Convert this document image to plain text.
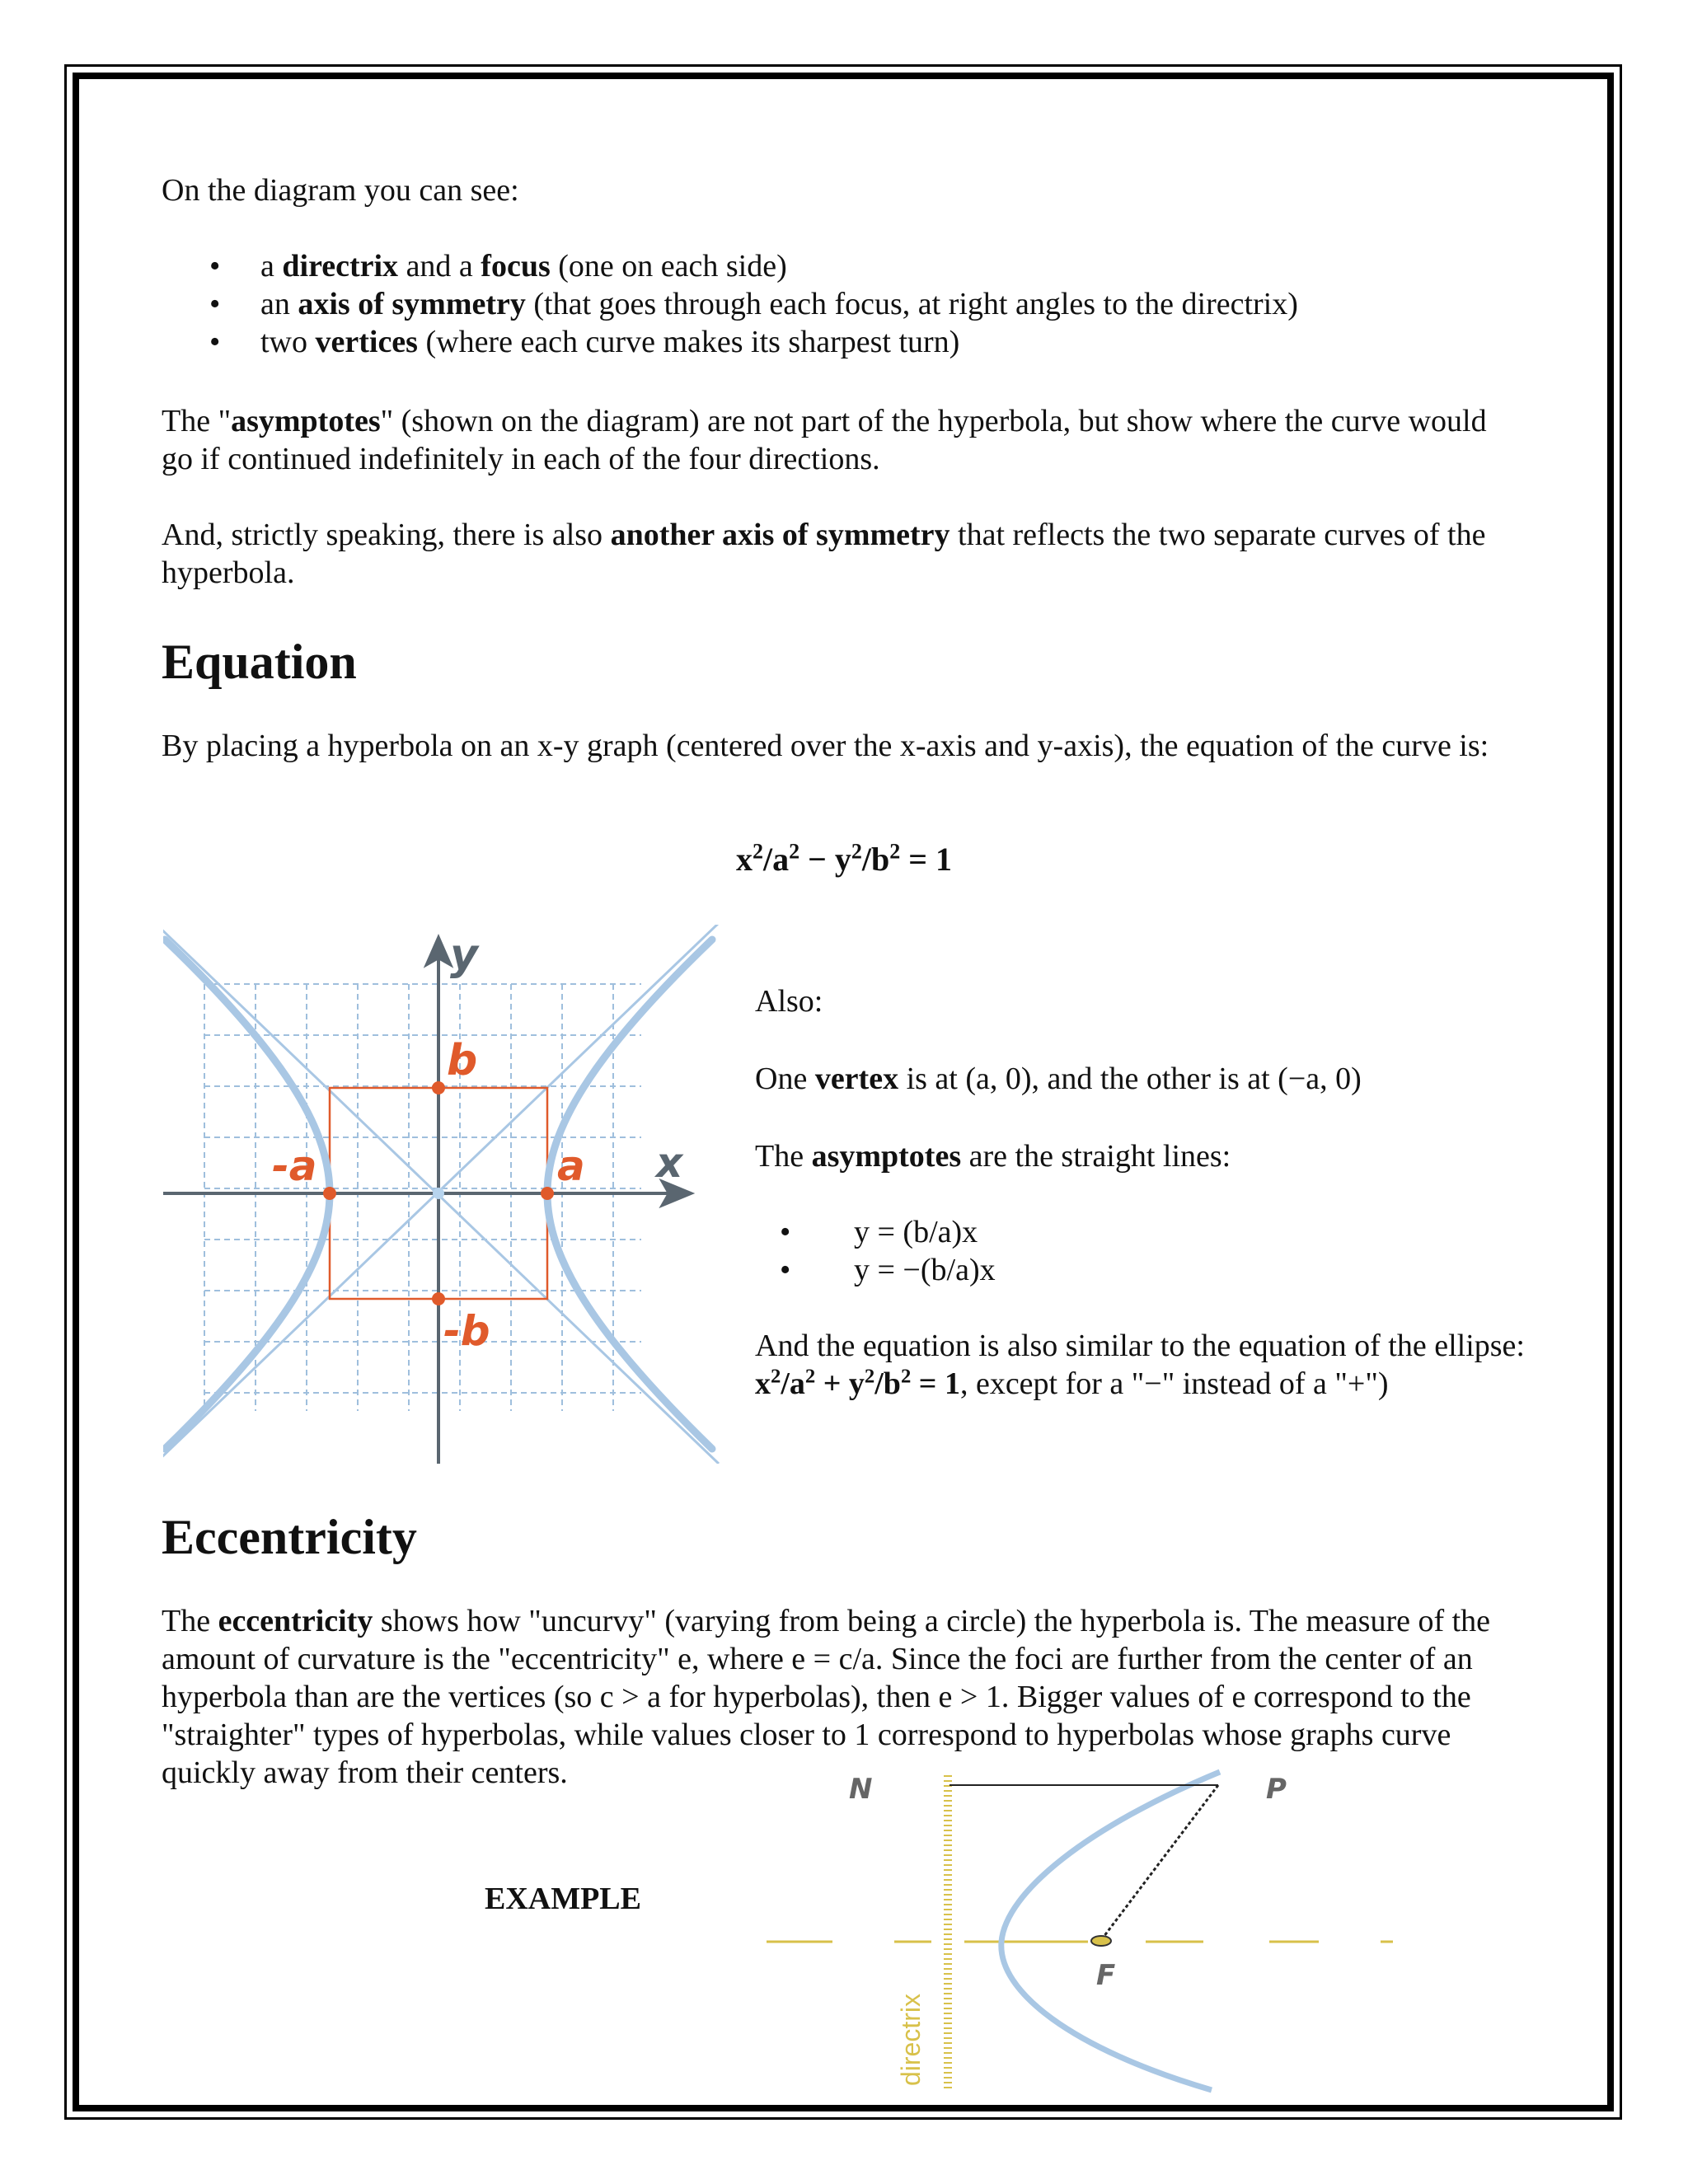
On the diagram you can see:

• a directrix and a focus (one on each side)
• an axis of symmetry (that goes through each focus, at right angles to the directrix)
• two vertices (where each curve makes its sharpest turn)

The "asymptotes" (shown on the diagram) are not part of the hyperbola, but show where the curve would go if continued indefinitely in each of the four directions.

And, strictly speaking, there is also another axis of symmetry that reflects the two separate curves of the hyperbola.

Equation

By placing a hyperbola on an x-y graph (centered over the x-axis and y-axis), the equation of the curve is:

$x^2/a^2 - y^2/b^2 = 1$
y
x
b
-b
a
-a

Also:

One vertex is at (a, 0), and the other is at (−a, 0)

The asymptotes are the straight lines:

• y = (b/a)x
• y = −(b/a)x

And the equation is also similar to the equation of the ellipse: $x^2/a^2 + y^2/b^2 = 1$, except for a "−" instead of a "+")

Eccentricity

The eccentricity shows how "uncurvy" (varying from being a circle) the hyperbola is. The measure of the amount of curvature is the "eccentricity" e, where e = c/a. Since the foci are further from the center of an hyperbola than are the vertices (so c > a for hyperbolas), then e > 1. Bigger values of e correspond to the "straighter" types of hyperbolas, while values closer to 1 correspond to hyperbolas whose graphs curve quickly away from their centers.

EXAMPLE
N	P
F
directrix
